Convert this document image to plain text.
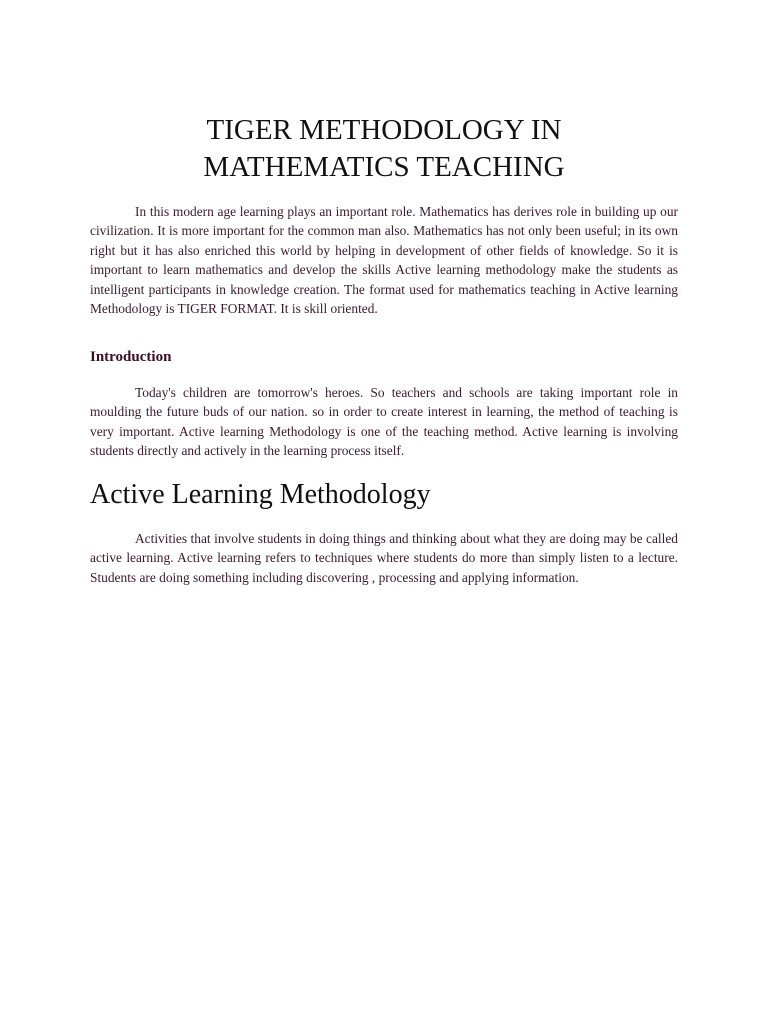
TIGER METHODOLOGY IN
MATHEMATICS TEACHING

In this modern age learning plays an important role. Mathematics has derives role in building up our civilization. It is more important for the common man also. Mathematics has not only been useful; in its own right but it has also enriched this world by helping in development of other fields of knowledge. So it is important to learn mathematics and develop the skills Active learning methodology make the students as intelligent participants in knowledge creation. The format used for mathematics teaching in Active learning Methodology is TIGER FORMAT. It is skill oriented.

Introduction

Today's children are tomorrow's heroes. So teachers and schools are taking important role in moulding the future buds of our nation. so in order to create interest in learning, the method of teaching is very important. Active learning Methodology is one of the teaching method. Active learning is involving students directly and actively in the learning process itself.

Active Learning Methodology

Activities that involve students in doing things and thinking about what they are doing may be called active learning. Active learning refers to techniques where students do more than simply listen to a lecture. Students are doing something including discovering , processing and applying information.
